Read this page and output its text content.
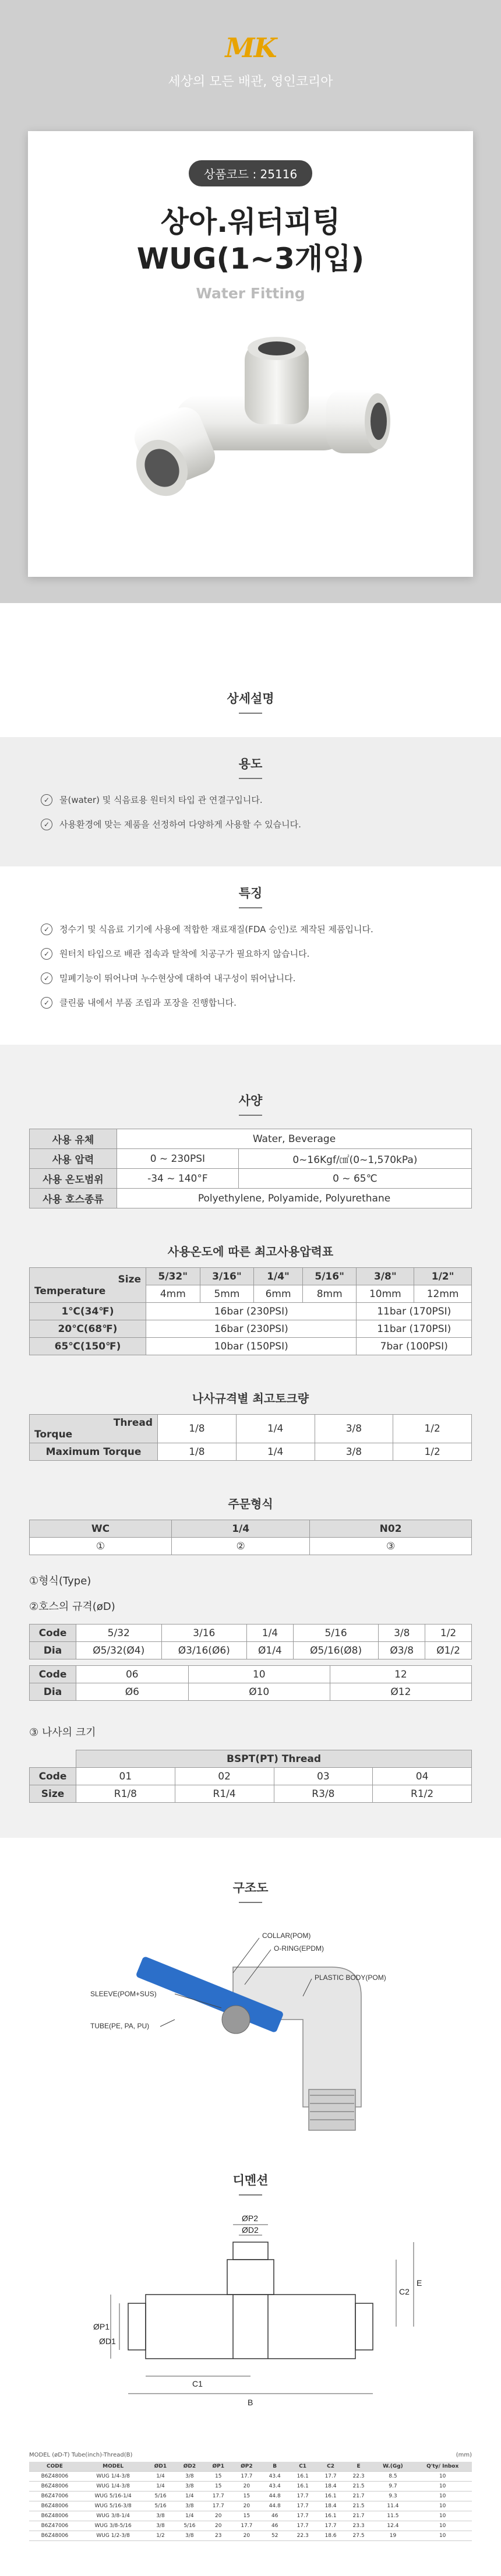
MK
세상의 모든 배관, 영인코리아
상품코드 : 25116
상아.워터피팅
WUG(1~3개입)
Water Fitting
상세설명
용도
✓	물(water) 및 식음료용 원터치 타입 관 연결구입니다.
✓	사용환경에 맞는 제품을 선정하여 다양하게 사용할 수 있습니다.
특징
✓	정수기 및 식음료 기기에 사용에 적합한 재료재질(FDA 승인)로 제작된 제품입니다.
✓	원터치 타입으로 배관 접속과 탈착에 치공구가 필요하지 않습니다.
✓	밀폐기능이 뛰어나며 누수현상에 대하여 내구성이 뛰어납니다.
✓	클린룸 내에서 부품 조립과 포장을 진행합니다.
사양
사용 유체	Water, Beverage	
사용 압력	0 ~ 230PSI	0~16Kgf/㎠(0~1,570kPa)
사용 온도범위	-34 ~ 140°F	0 ~ 65℃
사용 호스종류	Polyethylene, Polyamide, Polyurethane	
사용온도에 따른 최고사용압력표
Size

Temperature	5/32"	3/16"	1/4"	5/16"	3/8"	1/2"
	4mm	5mm	6mm	8mm	10mm	12mm
1℃(34℉)	16bar (230PSI)				11bar (170PSI)	
20℃(68℉)	16bar (230PSI)				11bar (170PSI)	
65℃(150℉)	10bar (150PSI)				7bar (100PSI)	
나사규격별 최고토크량
Thread

Torque	1/8	1/4	3/8	1/2
Maximum Torque	1/8	1/4	3/8	1/2
주문형식
WC	1/4	N02
①	②	③
①형식(Type)
②호스의 규격(øD)
Code	5/32	3/16	1/4	5/16	3/8	1/2
Dia	Ø5/32(Ø4)	Ø3/16(Ø6)	Ø1/4	Ø5/16(Ø8)	Ø3/8	Ø1/2
Code	06	10	12
Dia	Ø6	Ø10	Ø12
③ 나사의 크기
	BSPT(PT) Thread			
Code	01	02	03	04
Size	R1/8	R1/4	R3/8	R1/2
구조도
COLLAR(POM)
O-RING(EPDM)
PLASTIC BODY(POM)
SLEEVE(POM+SUS)
TUBE(PE, PA, PU)
디멘션
ØP2
ØD2
ØP1
ØD1
C1
C2
B
E
MODEL (øD-T) Tube(inch)-Thread(B)	(mm)
CODE	MODEL	ØD1	ØD2	ØP1	ØP2	B	C1	C2	E	W.(Gg)	Q'ty/ Inbox
B6Z48006	WUG 1/4-3/8	1/4	3/8	15	17.7	43.4	16.1	17.7	22.3	8.5	10
B6Z48006	WUG 1/4-3/8	1/4	3/8	15	20	43.4	16.1	18.4	21.5	9.7	10
B6Z47006	WUG 5/16-1/4	5/16	1/4	17.7	15	44.8	17.7	16.1	21.7	9.3	10
B6Z48006	WUG 5/16-3/8	5/16	3/8	17.7	20	44.8	17.7	18.4	21.5	11.4	10
B6Z48006	WUG 3/8-1/4	3/8	1/4	20	15	46	17.7	16.1	21.7	11.5	10
B6Z47006	WUG 3/8-5/16	3/8	5/16	20	17.7	46	17.7	17.7	23.3	12.4	10
B6Z48006	WUG 1/2-3/8	1/2	3/8	23	20	52	22.3	18.6	27.5	19	10
